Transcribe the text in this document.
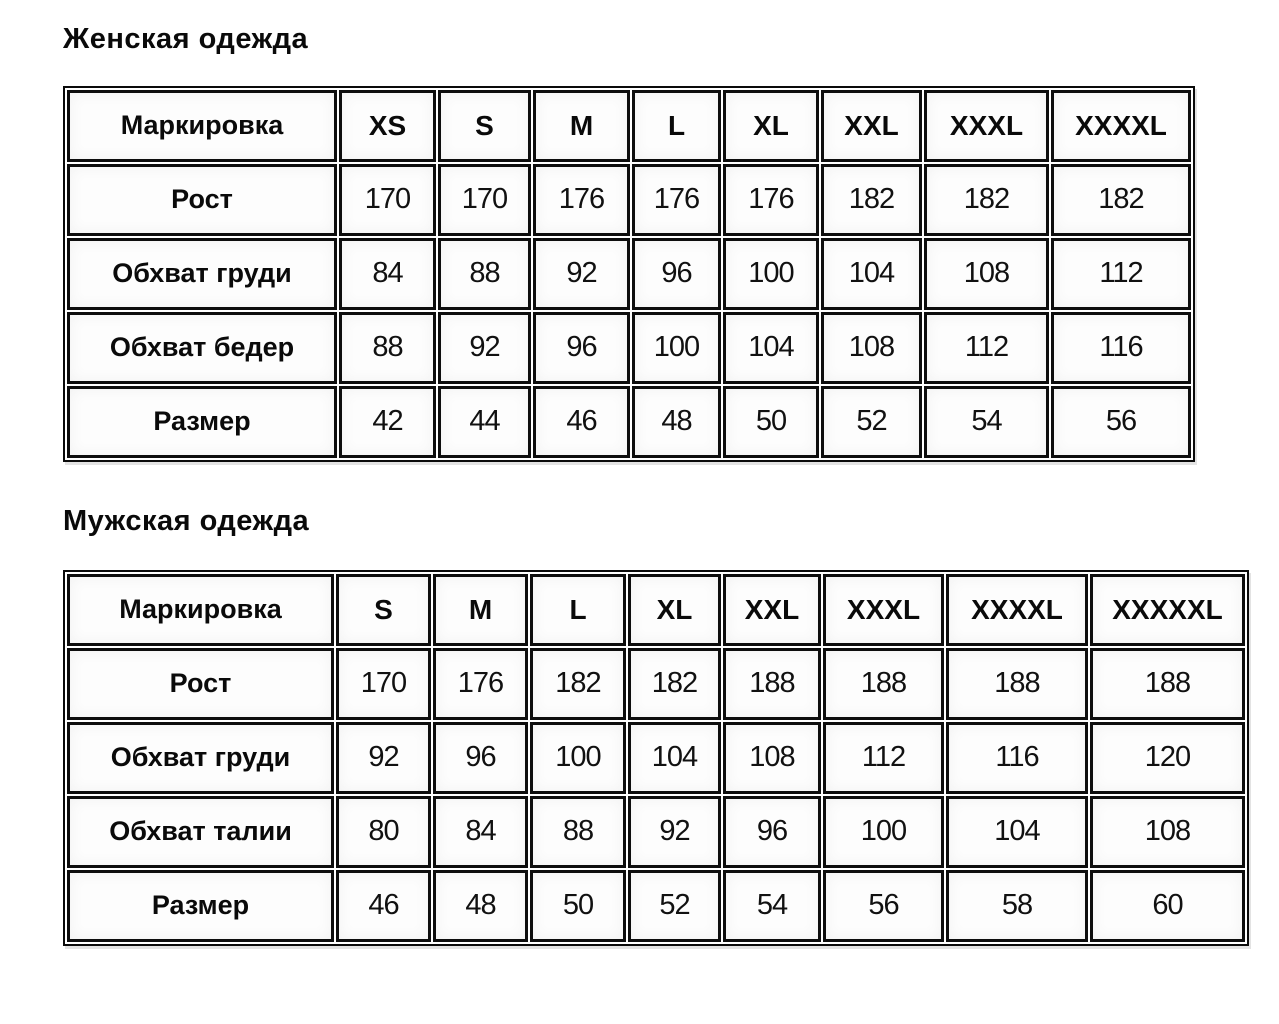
Женская одежда
Маркировка	XS	S	M	L	XL	XXL	XXXL	XXXXL
Рост	170	170	176	176	176	182	182	182
Обхват груди	84	88	92	96	100	104	108	112
Обхват бедер	88	92	96	100	104	108	112	116
Размер	42	44	46	48	50	52	54	56
Мужская одежда
Маркировка	S	M	L	XL	XXL	XXXL	XXXXL	XXXXXL
Рост	170	176	182	182	188	188	188	188
Обхват груди	92	96	100	104	108	112	116	120
Обхват талии	80	84	88	92	96	100	104	108
Размер	46	48	50	52	54	56	58	60
